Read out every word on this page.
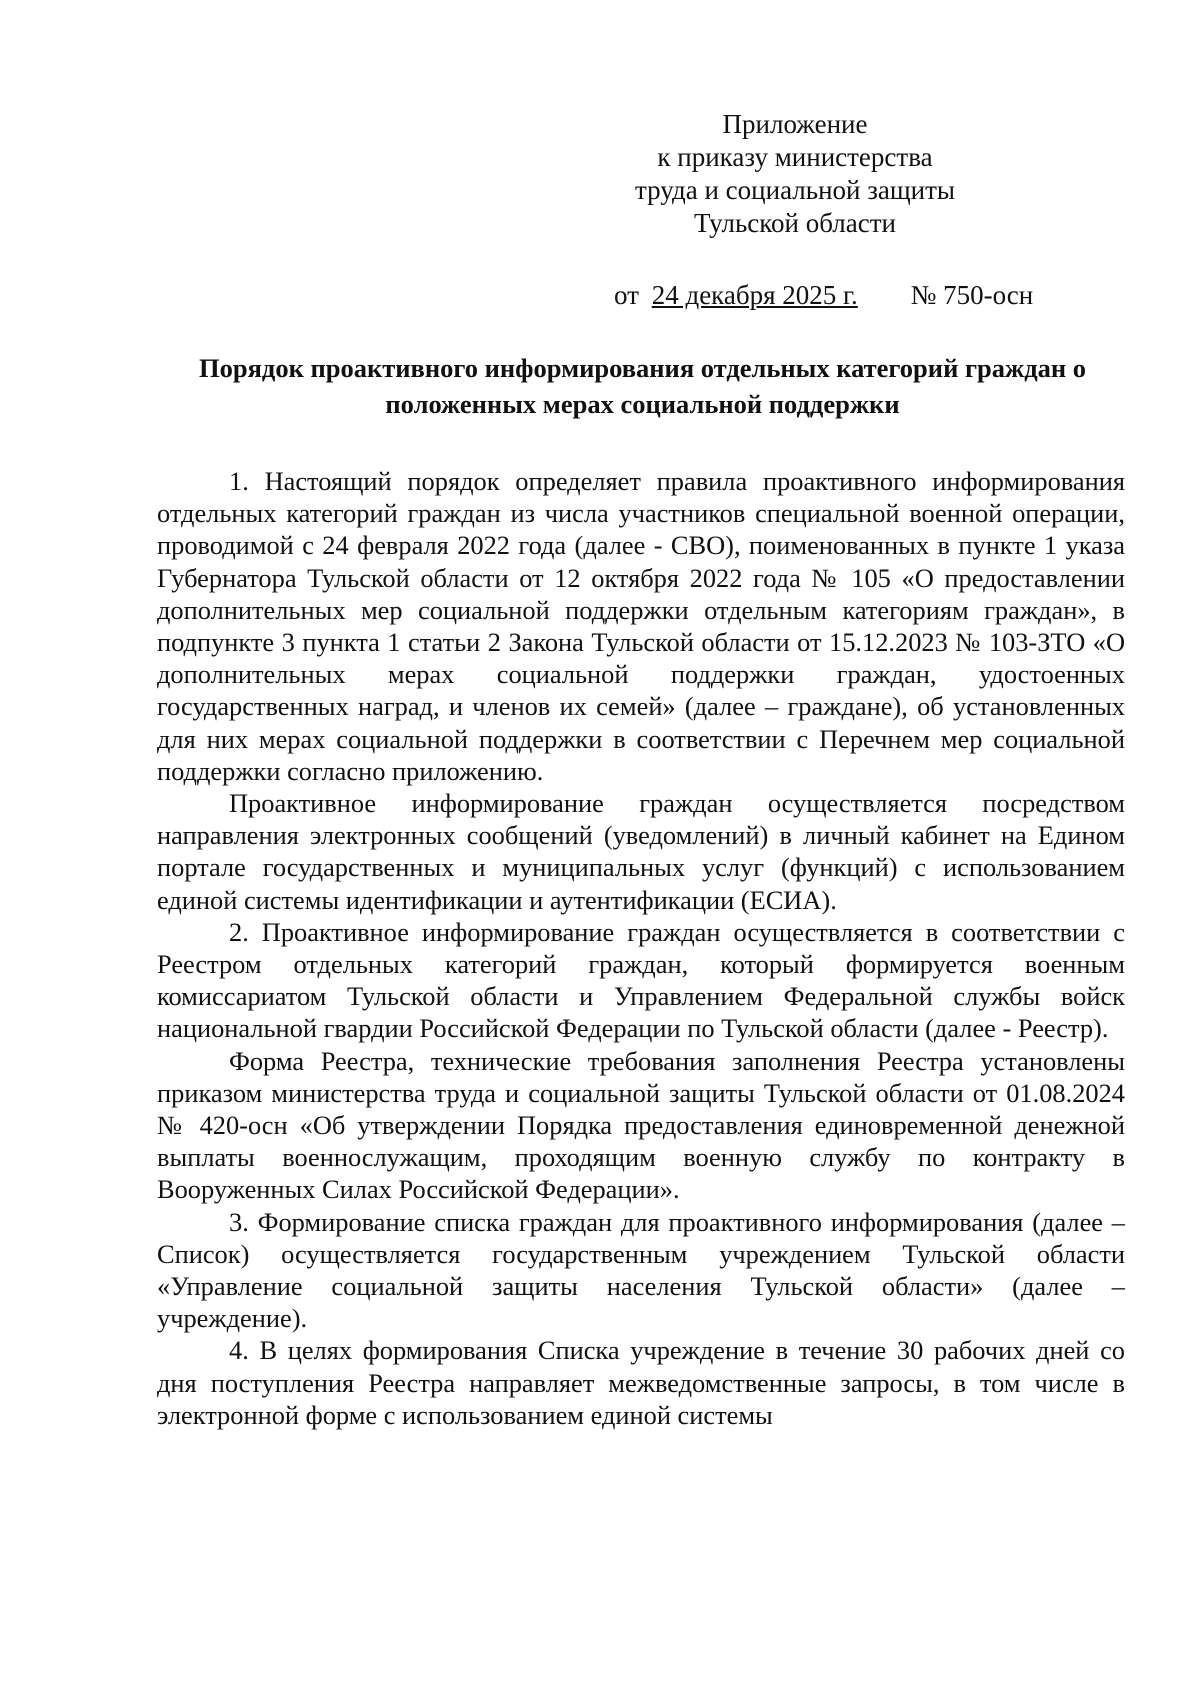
Приложение
к приказу министерства
труда и социальной защиты
Тульской области
от 24 декабря 2025 г. № 750-осн
Порядок проактивного информирования отдельных категорий граждан о
положенных мерах социальной поддержки

1. Настоящий порядок определяет правила проактивного информирования отдельных категорий граждан из числа участников специальной военной операции, проводимой с 24 февраля 2022 года (далее - СВО), поименованных в пункте 1 указа Губернатора Тульской области от 12 октября 2022 года № 105 «О предоставлении дополнительных мер социальной поддержки отдельным категориям граждан», в подпункте 3 пункта 1 статьи 2 Закона Тульской области от 15.12.2023 № 103-ЗТО «О дополнительных мерах социальной поддержки граждан, удостоенных государственных наград, и членов их семей» (далее – граждане), об установленных для них мерах социальной поддержки в соответствии с Перечнем мер социальной поддержки согласно приложению.

Проактивное информирование граждан осуществляется посредством направления электронных сообщений (уведомлений) в личный кабинет на Едином портале государственных и муниципальных услуг (функций) с использованием единой системы идентификации и аутентификации (ЕСИА).

2. Проактивное информирование граждан осуществляется в соответствии с Реестром отдельных категорий граждан, который формируется военным комиссариатом Тульской области и Управлением Федеральной службы войск национальной гвардии Российской Федерации по Тульской области (далее - Реестр).

Форма Реестра, технические требования заполнения Реестра установлены приказом министерства труда и социальной защиты Тульской области от 01.08.2024 № 420-осн «Об утверждении Порядка предоставления единовременной денежной выплаты военнослужащим, проходящим военную службу по контракту в Вооруженных Силах Российской Федерации».

3. Формирование списка граждан для проактивного информирования (далее – Список) осуществляется государственным учреждением Тульской области «Управление социальной защиты населения Тульской области» (далее – учреждение).

4. В целях формирования Списка учреждение в течение 30 рабочих дней со дня поступления Реестра направляет межведомственные запросы, в том числе в электронной форме с использованием единой системы
